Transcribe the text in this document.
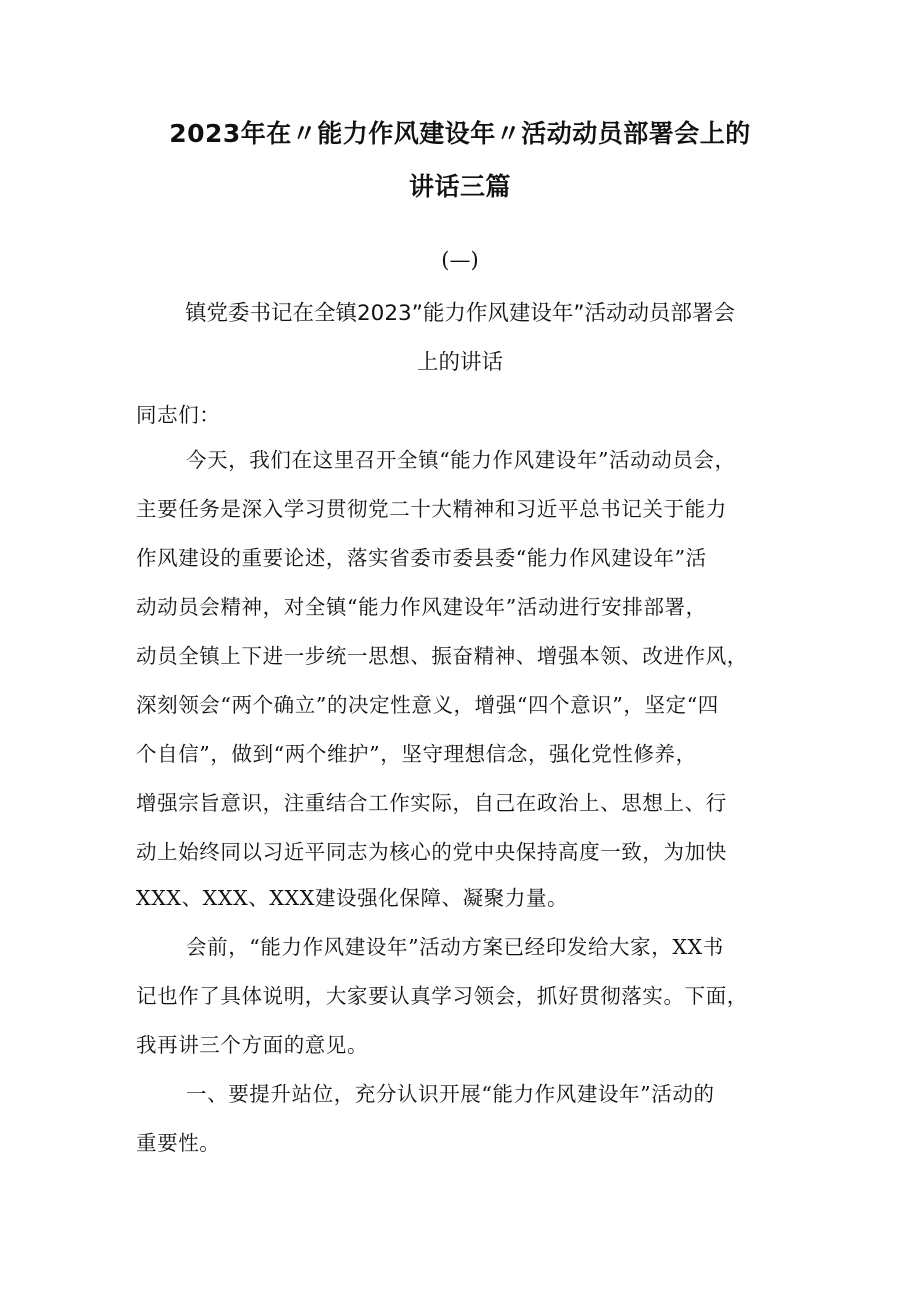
2023年在〃能力作风建设年〃活动动员部署会上的
讲话三篇
(—)
镇党委书记在全镇2023”能力作风建设年”活动动员部署会
上的讲话
同志们：
今天，我们在这里召开全镇“能力作风建设年”活动动员会，
主要任务是深入学习贯彻党二十大精神和习近平总书记关于能力
作风建设的重要论述，落实省委市委县委“能力作风建设年”活
动动员会精神，对全镇“能力作风建设年”活动进行安排部署，
动员全镇上下进一步统一思想、振奋精神、增强本领、改进作风，
深刻领会“两个确立”的决定性意义，增强“四个意识”，坚定“四
个自信”，做到“两个维护”，坚守理想信念，强化党性修养，
增强宗旨意识，注重结合工作实际，自己在政治上、思想上、行
动上始终同以习近平同志为核心的党中央保持高度一致，为加快
XXX、XXX、XXX建设强化保障、凝聚力量。
会前，“能力作风建设年”活动方案已经印发给大家，XX书
记也作了具体说明，大家要认真学习领会，抓好贯彻落实。下面，
我再讲三个方面的意见。
一、要提升站位，充分认识开展“能力作风建设年”活动的
重要性。
